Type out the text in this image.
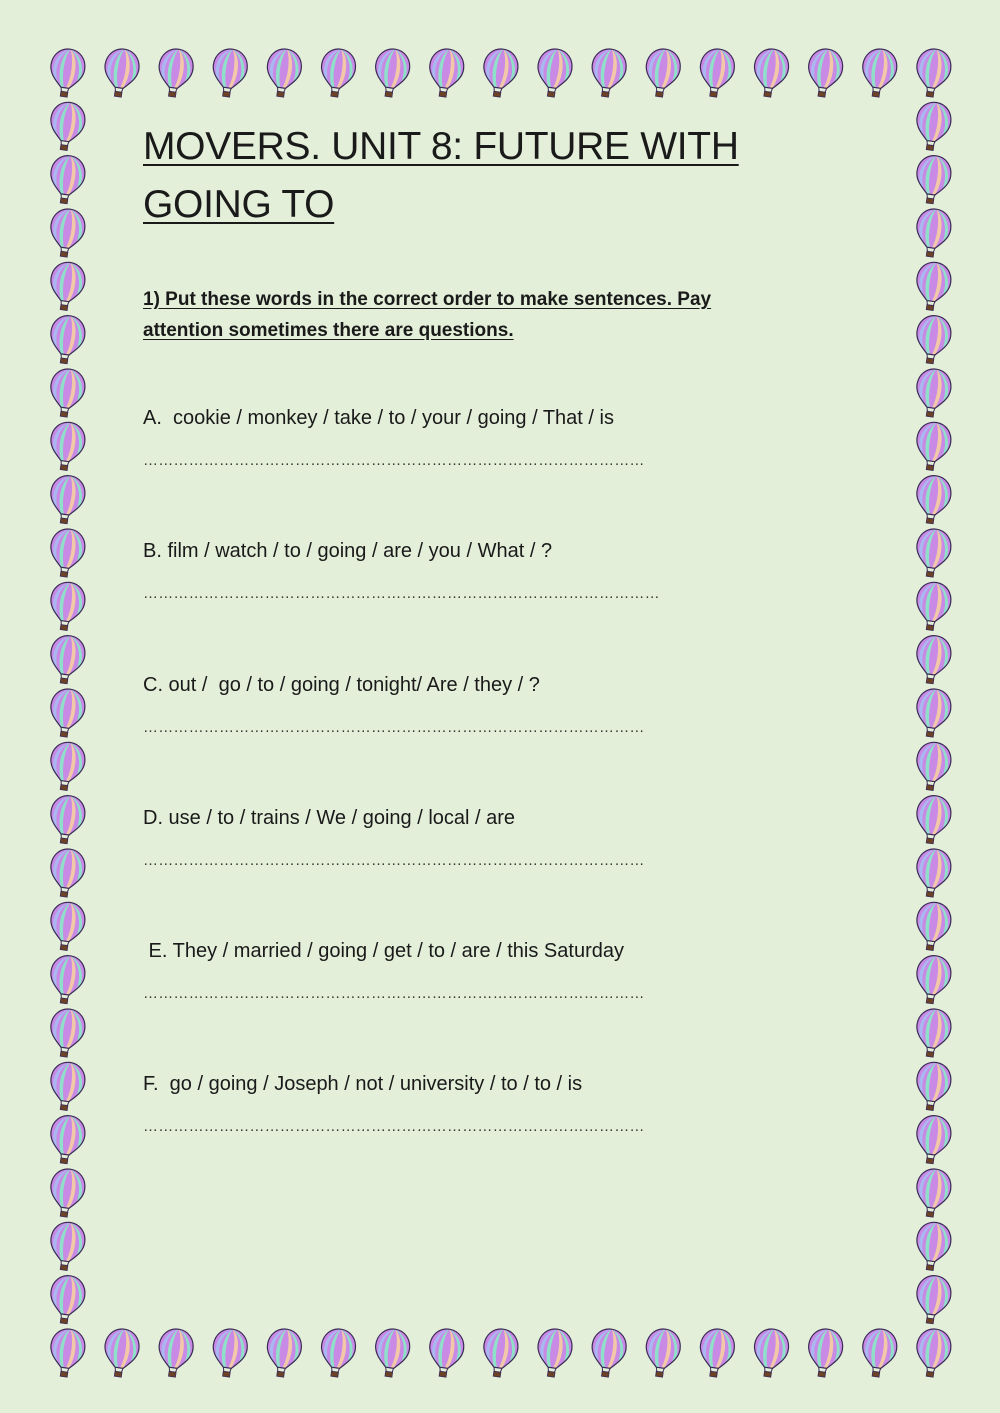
MOVERS. UNIT 8: FUTURE WITH GOING TO

1) Put these words in the correct order to make sentences. Pay attention sometimes there are questions.

A.  cookie / monkey / take / to / your / going / That / is

………………………………………………………………………………………

B. film / watch / to / going / are / you / What / ?

…………………………………………………………………………………………

C. out /  go / to / going / tonight/ Are / they / ?

………………………………………………………………………………………

D. use / to / trains / We / going / local / are

………………………………………………………………………………………

E. They / married / going / get / to / are / this Saturday

………………………………………………………………………………………

F.  go / going / Joseph / not / university / to / to / is

………………………………………………………………………………………
